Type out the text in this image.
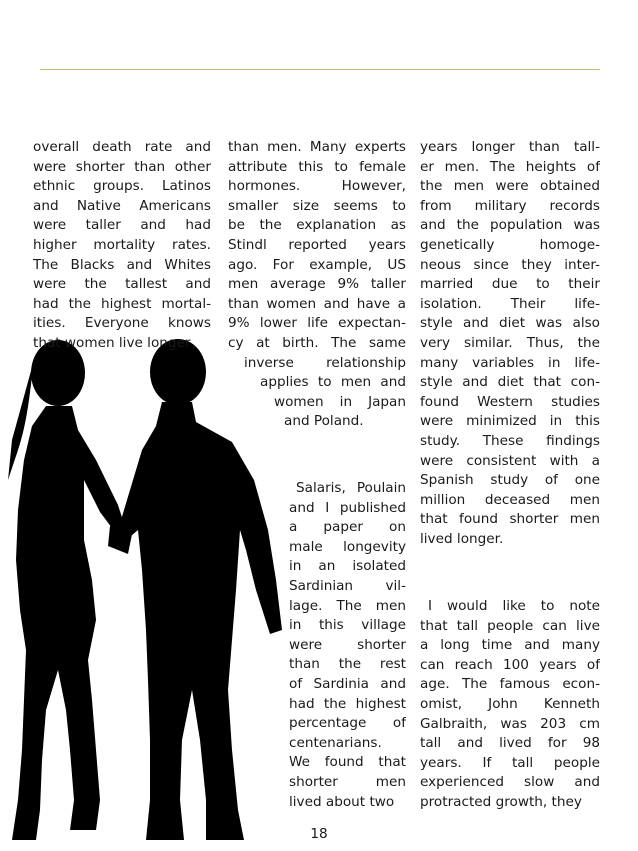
overall death rate and
were shorter than other
ethnic groups. Latinos
and Native Americans
were taller and had
higher mortality rates.
The Blacks and Whites
were the tallest and
had the highest mortal-
ities. Everyone knows
that women live longer
than men. Many experts
attribute this to female
hormones. However,
smaller size seems to
be the explanation as
Stindl reported years
ago. For example, US
men average 9% taller
than women and have a
9% lower life expectan-
cy at birth. The same
inverse relationship
applies to men and
women in Japan
and Poland.
Salaris, Poulain
and I published
a paper on
male longevity
in an isolated
Sardinian vil-
lage. The men
in this village
were shorter
than the rest
of Sardinia and
had the highest
percentage of
centenarians.
We found that
shorter men
lived about two
years longer than tall-
er men. The heights of
the men were obtained
from military records
and the population was
genetically homoge-
neous since they inter-
married due to their
isolation. Their life-
style and diet was also
very similar. Thus, the
many variables in life-
style and diet that con-
found Western studies
were minimized in this
study. These findings
were consistent with a
Spanish study of one
million deceased men
that found shorter men
lived longer.
I would like to note
that tall people can live
a long time and many
can reach 100 years of
age. The famous econ-
omist, John Kenneth
Galbraith, was 203 cm
tall and lived for 98
years. If tall people
experienced slow and
protracted growth, they
18
